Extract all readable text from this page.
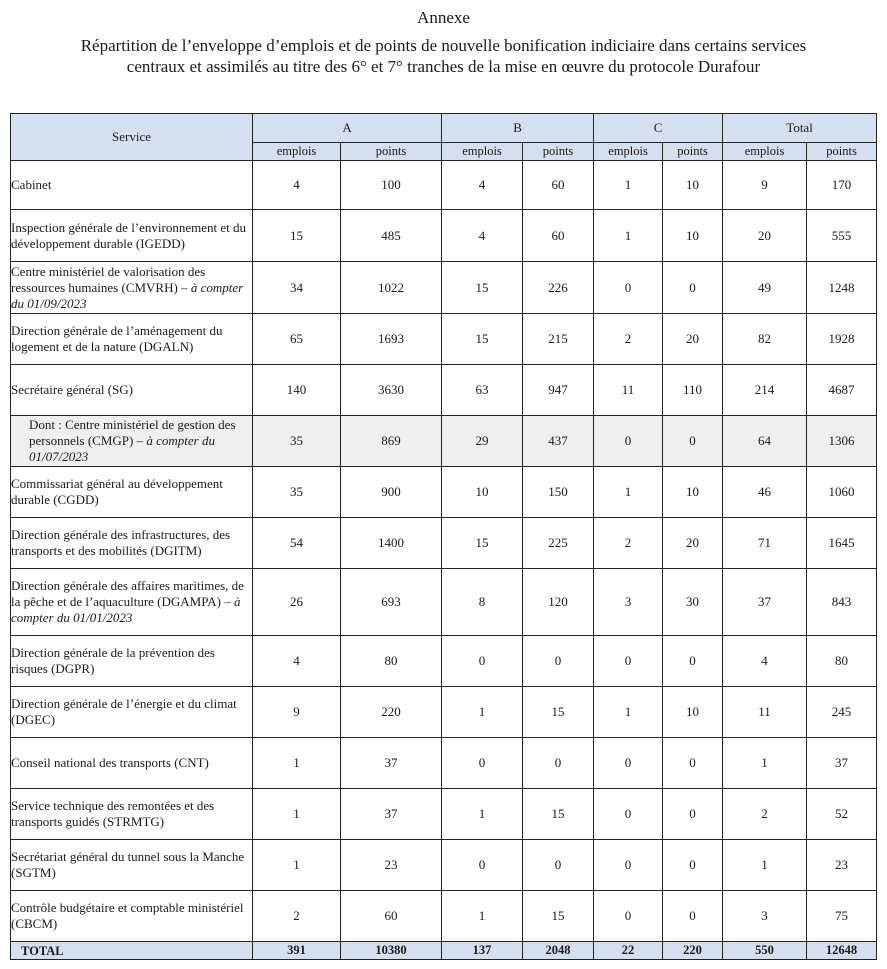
Annexe
Répartition de l’enveloppe d’emplois et de points de nouvelle bonification indiciaire dans certains services centraux et assimilés au titre des 6° et 7° tranches de la mise en œuvre du protocole Durafour
Service	A		B		C		Total	
	emplois	points	emplois	points	emplois	points	emplois	points
Cabinet	4	100	4	60	1	10	9	170
Inspection générale de l’environnement et du développement durable (IGEDD)	15	485	4	60	1	10	20	555
Centre ministériel de valorisation des ressources humaines (CMVRH) – à compter du 01/09/2023	34	1022	15	226	0	0	49	1248
Direction générale de l’aménagement du logement et de la nature (DGALN)	65	1693	15	215	2	20	82	1928
Secrétaire général (SG)	140	3630	63	947	11	110	214	4687
Dont : Centre ministériel de gestion des personnels (CMGP) – à compter du 01/07/2023	35	869	29	437	0	0	64	1306
Commissariat général au développement durable (CGDD)	35	900	10	150	1	10	46	1060
Direction générale des infrastructures, des transports et des mobilités (DGITM)	54	1400	15	225	2	20	71	1645
Direction générale des affaires maritimes, de la pêche et de l’aquaculture (DGAMPA) – à compter du 01/01/2023	26	693	8	120	3	30	37	843
Direction générale de la prévention des risques (DGPR)	4	80	0	0	0	0	4	80
Direction générale de l’énergie et du climat (DGEC)	9	220	1	15	1	10	11	245
Conseil national des transports (CNT)	1	37	0	0	0	0	1	37
Service technique des remontées et des transports guidés (STRMTG)	1	37	1	15	0	0	2	52
Secrétariat général du tunnel sous la Manche (SGTM)	1	23	0	0	0	0	1	23
Contrôle budgétaire et comptable ministériel (CBCM)	2	60	1	15	0	0	3	75
TOTAL	391	10380	137	2048	22	220	550	12648
